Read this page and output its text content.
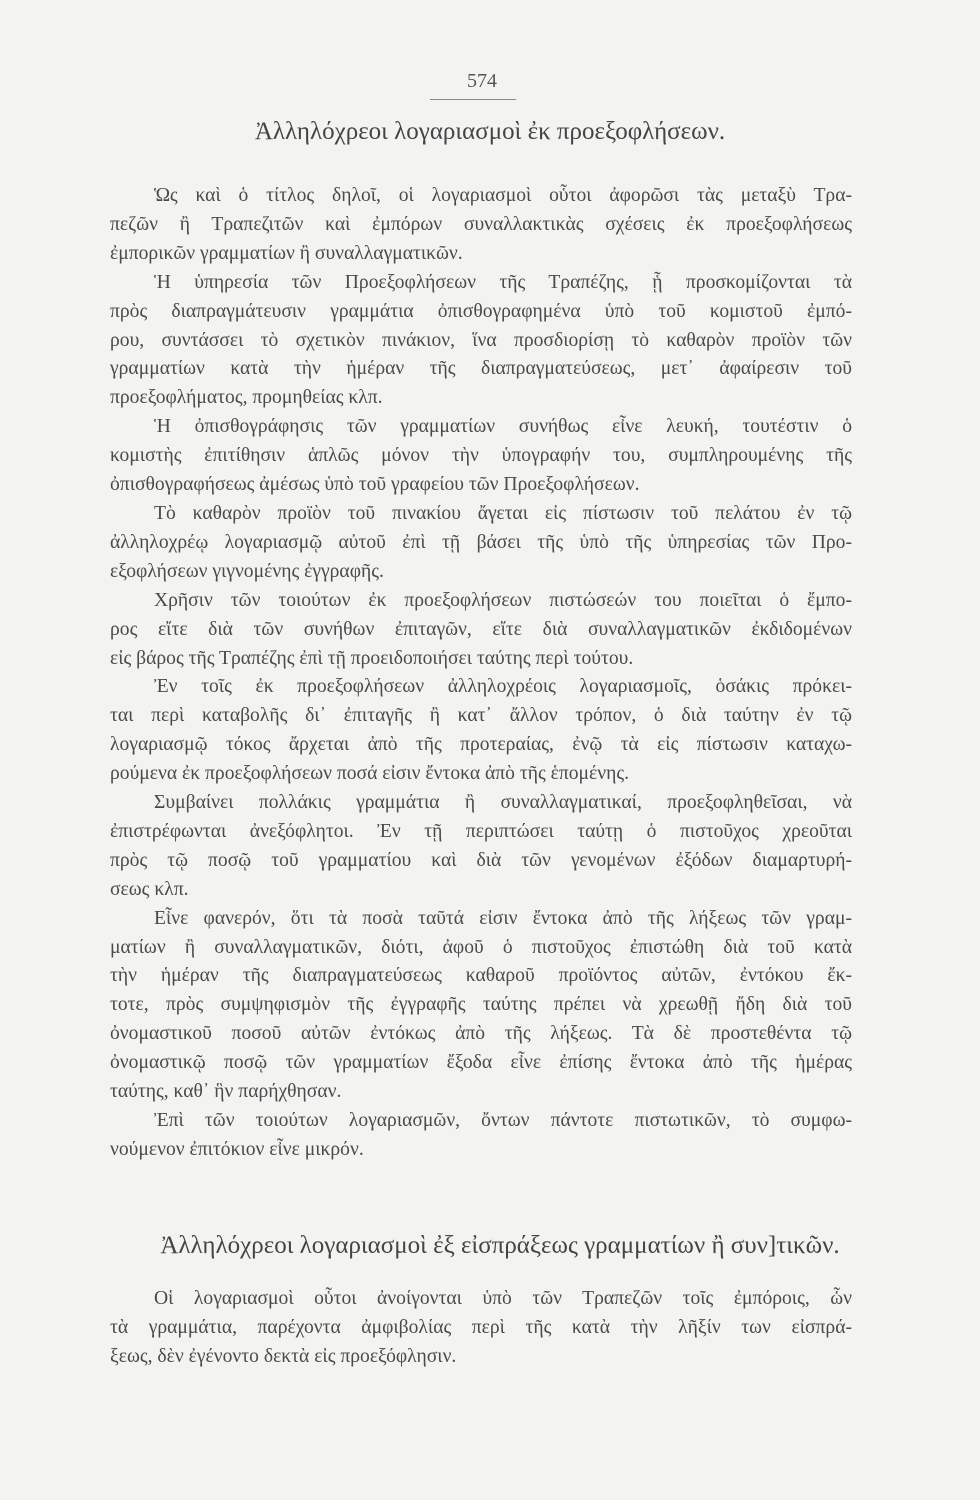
574
Ἀλληλόχρεοι λογαριασμοὶ ἐκ προεξοφλήσεων.
Ὡς καὶ ὁ τίτλος δηλοῖ, οἱ λογαριασμοὶ οὗτοι ἀφορῶσι τὰς μεταξὺ Τρα-
πεζῶν ἢ Τραπεζιτῶν καὶ ἐμπόρων συναλλακτικὰς σχέσεις ἐκ προεξοφλήσεως
ἐμπορικῶν γραμματίων ἢ συναλλαγματικῶν.
Ἡ ὑπηρεσία τῶν Προεξοφλήσεων τῆς Τραπέζης, ᾗ προσκομίζονται τὰ
πρὸς διαπραγμάτευσιν γραμμάτια ὀπισθογραφημένα ὑπὸ τοῦ κομιστοῦ ἐμπό-
ρου, συντάσσει τὸ σχετικὸν πινάκιον, ἵνα προσδιορίσῃ τὸ καθαρὸν προϊὸν τῶν
γραμματίων κατὰ τὴν ἡμέραν τῆς διαπραγματεύσεως, μετ᾽ ἀφαίρεσιν τοῦ
προεξοφλήματος, προμηθείας κλπ.
Ἡ ὀπισθογράφησις τῶν γραμματίων συνήθως εἶνε λευκή, τουτέστιν ὁ
κομιστὴς ἐπιτίθησιν ἁπλῶς μόνον τὴν ὑπογραφήν του, συμπληρουμένης τῆς
ὀπισθογραφήσεως ἀμέσως ὑπὸ τοῦ γραφείου τῶν Προεξοφλήσεων.
Τὸ καθαρὸν προϊὸν τοῦ πινακίου ἄγεται εἰς πίστωσιν τοῦ πελάτου ἐν τῷ
ἀλληλοχρέῳ λογαριασμῷ αὐτοῦ ἐπὶ τῇ βάσει τῆς ὑπὸ τῆς ὑπηρεσίας τῶν Προ-
εξοφλήσεων γιγνομένης ἐγγραφῆς.
Χρῆσιν τῶν τοιούτων ἐκ προεξοφλήσεων πιστώσεών του ποιεῖται ὁ ἔμπο-
ρος εἴτε διὰ τῶν συνήθων ἐπιταγῶν, εἴτε διὰ συναλλαγματικῶν ἐκδιδομένων
εἰς βάρος τῆς Τραπέζης ἐπὶ τῇ προειδοποιήσει ταύτης περὶ τούτου.
Ἐν τοῖς ἐκ προεξοφλήσεων ἀλληλοχρέοις λογαριασμοῖς, ὁσάκις πρόκει-
ται περὶ καταβολῆς δι᾽ ἐπιταγῆς ἢ κατ᾽ ἄλλον τρόπον, ὁ διὰ ταύτην ἐν τῷ
λογαριασμῷ τόκος ἄρχεται ἀπὸ τῆς προτεραίας, ἐνῷ τὰ εἰς πίστωσιν καταχω-
ρούμενα ἐκ προεξοφλήσεων ποσά εἰσιν ἔντοκα ἀπὸ τῆς ἑπομένης.
Συμβαίνει πολλάκις γραμμάτια ἢ συναλλαγματικαί, προεξοφληθεῖσαι, νὰ
ἐπιστρέφωνται ἀνεξόφλητοι. Ἐν τῇ περιπτώσει ταύτῃ ὁ πιστοῦχος χρεοῦται
πρὸς τῷ ποσῷ τοῦ γραμματίου καὶ διὰ τῶν γενομένων ἐξόδων διαμαρτυρή-
σεως κλπ.
Εἶνε φανερόν, ὅτι τὰ ποσὰ ταῦτά εἰσιν ἔντοκα ἀπὸ τῆς λήξεως τῶν γραμ-
ματίων ἢ συναλλαγματικῶν, διότι, ἀφοῦ ὁ πιστοῦχος ἐπιστώθη διὰ τοῦ κατὰ
τὴν ἡμέραν τῆς διαπραγματεύσεως καθαροῦ προϊόντος αὐτῶν, ἐντόκου ἔκ-
τοτε, πρὸς συμψηφισμὸν τῆς ἐγγραφῆς ταύτης πρέπει νὰ χρεωθῇ ἤδη διὰ τοῦ
ὀνομαστικοῦ ποσοῦ αὐτῶν ἐντόκως ἀπὸ τῆς λήξεως. Τὰ δὲ προστεθέντα τῷ
ὀνομαστικῷ ποσῷ τῶν γραμματίων ἔξοδα εἶνε ἐπίσης ἔντοκα ἀπὸ τῆς ἡμέρας
ταύτης, καθ᾽ ἣν παρήχθησαν.
Ἐπὶ τῶν τοιούτων λογαριασμῶν, ὄντων πάντοτε πιστωτικῶν, τὸ συμφω-
νούμενον ἐπιτόκιον εἶνε μικρόν.
Ἀλληλόχρεοι λογαριασμοὶ ἐξ εἰσπράξεως γραμματίων ἢ συν]τικῶν.
Οἱ λογαριασμοὶ οὗτοι ἀνοίγονται ὑπὸ τῶν Τραπεζῶν τοῖς ἐμπόροις, ὧν
τὰ γραμμάτια, παρέχοντα ἀμφιβολίας περὶ τῆς κατὰ τὴν λῆξίν των εἰσπρά-
ξεως, δὲν ἐγένοντο δεκτὰ εἰς προεξόφλησιν.
